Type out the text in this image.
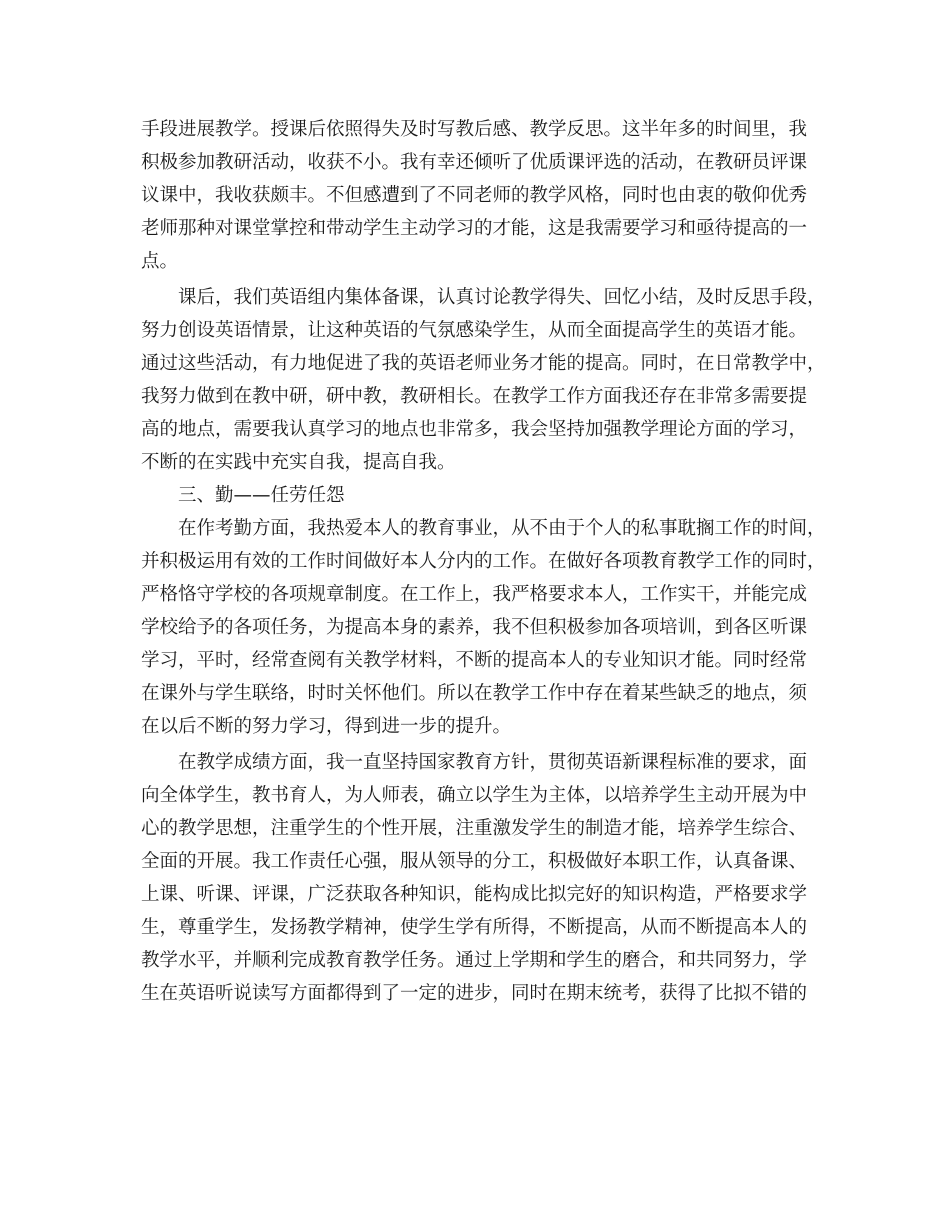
手段进展教学。授课后依照得失及时写教后感、教学反思。这半年多的时间里，我
积极参加教研活动，收获不小。我有幸还倾听了优质课评选的活动，在教研员评课
议课中，我收获颇丰。不但感遭到了不同老师的教学风格，同时也由衷的敬仰优秀
老师那种对课堂掌控和带动学生主动学习的才能，这是我需要学习和亟待提高的一
点。
课后，我们英语组内集体备课，认真讨论教学得失、回忆小结，及时反思手段，
努力创设英语情景，让这种英语的气氛感染学生，从而全面提高学生的英语才能。
通过这些活动，有力地促进了我的英语老师业务才能的提高。同时，在日常教学中，
我努力做到在教中研，研中教，教研相长。在教学工作方面我还存在非常多需要提
高的地点，需要我认真学习的地点也非常多，我会坚持加强教学理论方面的学习，
不断的在实践中充实自我，提高自我。
三、勤——任劳任怨
在作考勤方面，我热爱本人的教育事业，从不由于个人的私事耽搁工作的时间，
并积极运用有效的工作时间做好本人分内的工作。在做好各项教育教学工作的同时，
严格恪守学校的各项规章制度。在工作上，我严格要求本人，工作实干，并能完成
学校给予的各项任务，为提高本身的素养，我不但积极参加各项培训，到各区听课
学习，平时，经常查阅有关教学材料，不断的提高本人的专业知识才能。同时经常
在课外与学生联络，时时关怀他们。所以在教学工作中存在着某些缺乏的地点，须
在以后不断的努力学习，得到进一步的提升。
在教学成绩方面，我一直坚持国家教育方针，贯彻英语新课程标准的要求，面
向全体学生，教书育人，为人师表，确立以学生为主体，以培养学生主动开展为中
心的教学思想，注重学生的个性开展，注重激发学生的制造才能，培养学生综合、
全面的开展。我工作责任心强，服从领导的分工，积极做好本职工作，认真备课、
上课、听课、评课，广泛获取各种知识，能构成比拟完好的知识构造，严格要求学
生，尊重学生，发扬教学精神，使学生学有所得，不断提高，从而不断提高本人的
教学水平，并顺利完成教育教学任务。通过上学期和学生的磨合，和共同努力，学
生在英语听说读写方面都得到了一定的进步，同时在期末统考，获得了比拟不错的
